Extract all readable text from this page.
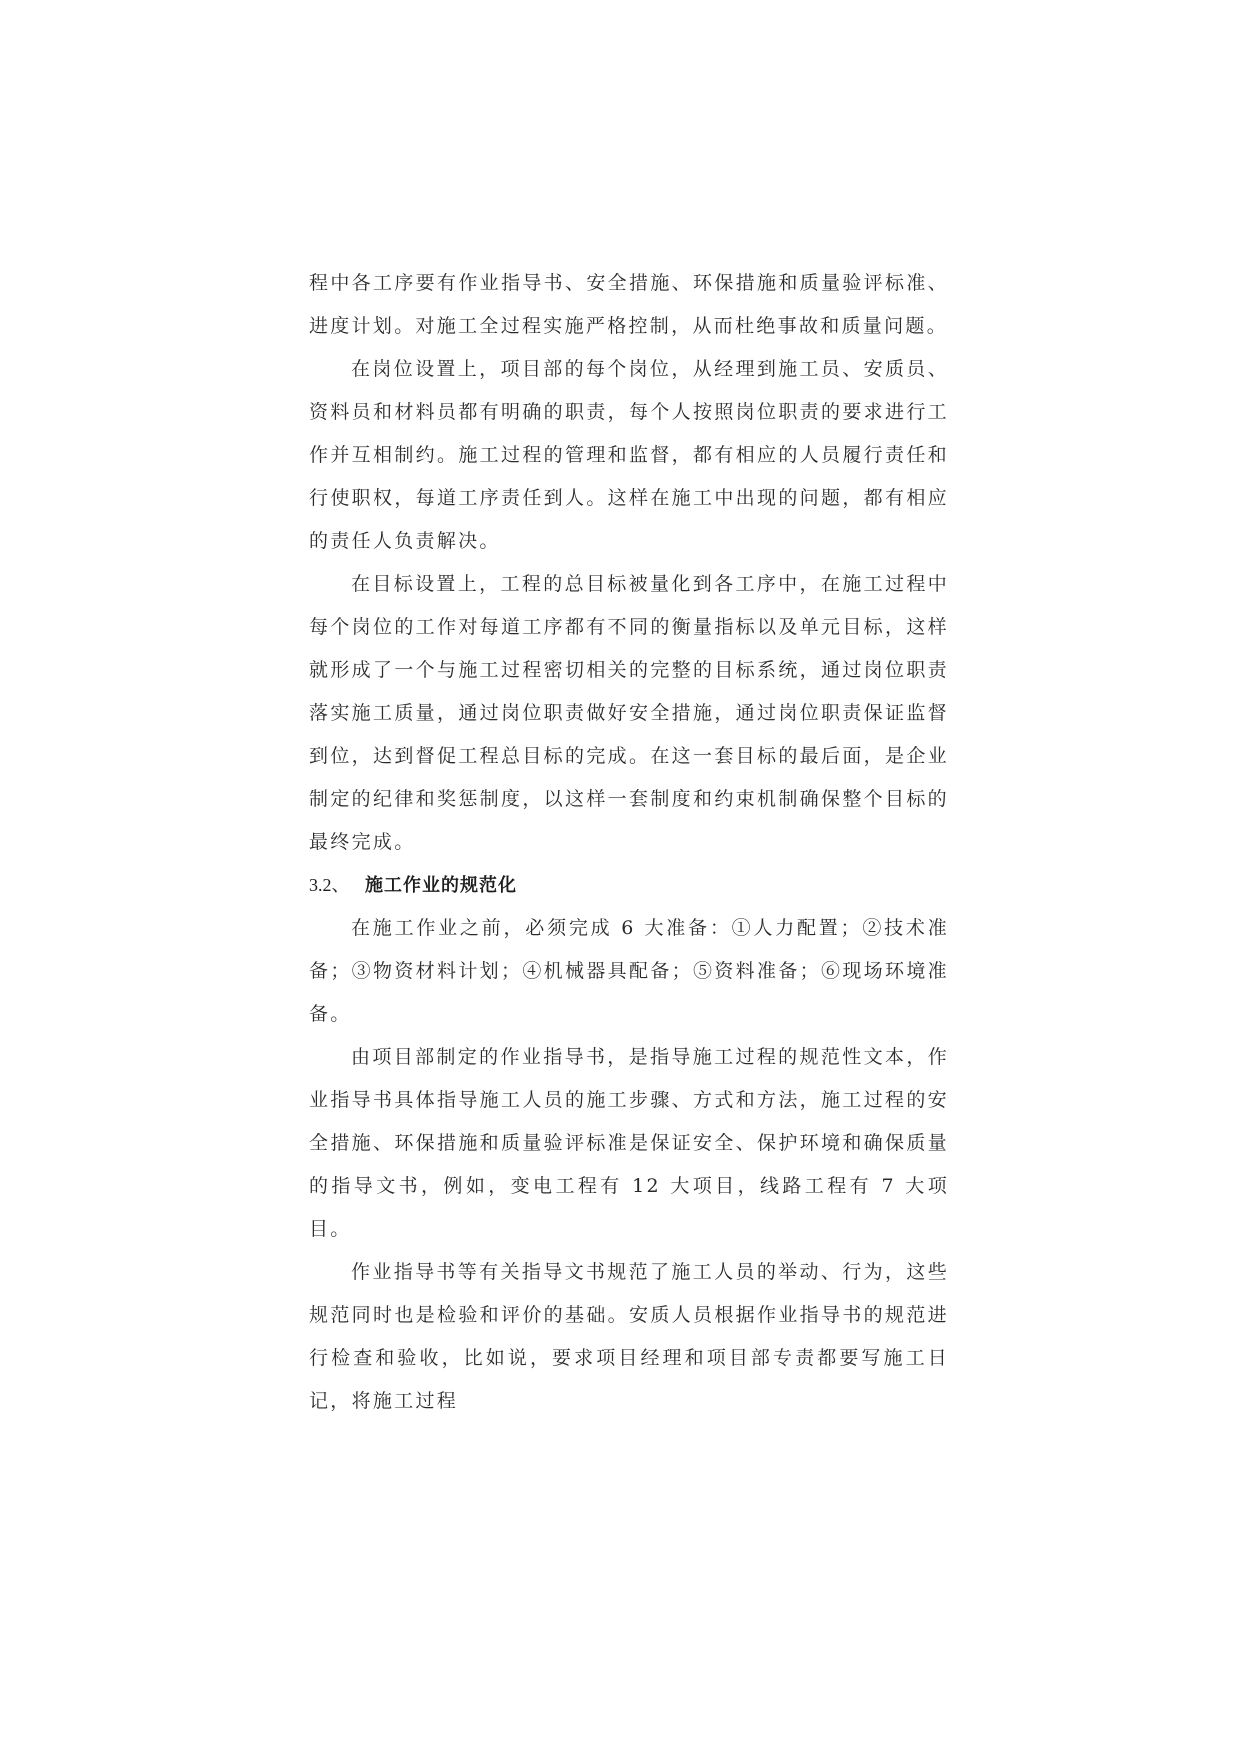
程中各工序要有作业指导书、安全措施、环保措施和质量验评标准、进度计划。对施工全过程实施严格控制，从而杜绝事故和质量问题。

在岗位设置上，项目部的每个岗位，从经理到施工员、安质员、资料员和材料员都有明确的职责，每个人按照岗位职责的要求进行工作并互相制约。施工过程的管理和监督，都有相应的人员履行责任和行使职权，每道工序责任到人。这样在施工中出现的问题，都有相应的责任人负责解决。

在目标设置上，工程的总目标被量化到各工序中，在施工过程中每个岗位的工作对每道工序都有不同的衡量指标以及单元目标，这样就形成了一个与施工过程密切相关的完整的目标系统，通过岗位职责落实施工质量，通过岗位职责做好安全措施，通过岗位职责保证监督到位，达到督促工程总目标的完成。在这一套目标的最后面，是企业制定的纪律和奖惩制度，以这样一套制度和约束机制确保整个目标的最终完成。

3.2、 施工作业的规范化

在施工作业之前，必须完成 6 大准备：①人力配置；②技术准备；③物资材料计划；④机械器具配备；⑤资料准备；⑥现场环境准备。

由项目部制定的作业指导书，是指导施工过程的规范性文本，作业指导书具体指导施工人员的施工步骤、方式和方法，施工过程的安全措施、环保措施和质量验评标准是保证安全、保护环境和确保质量的指导文书，例如，变电工程有 12 大项目，线路工程有 7 大项目。

作业指导书等有关指导文书规范了施工人员的举动、行为，这些规范同时也是检验和评价的基础。安质人员根据作业指导书的规范进行检查和验收，比如说，要求项目经理和项目部专责都要写施工日记，将施工过程
